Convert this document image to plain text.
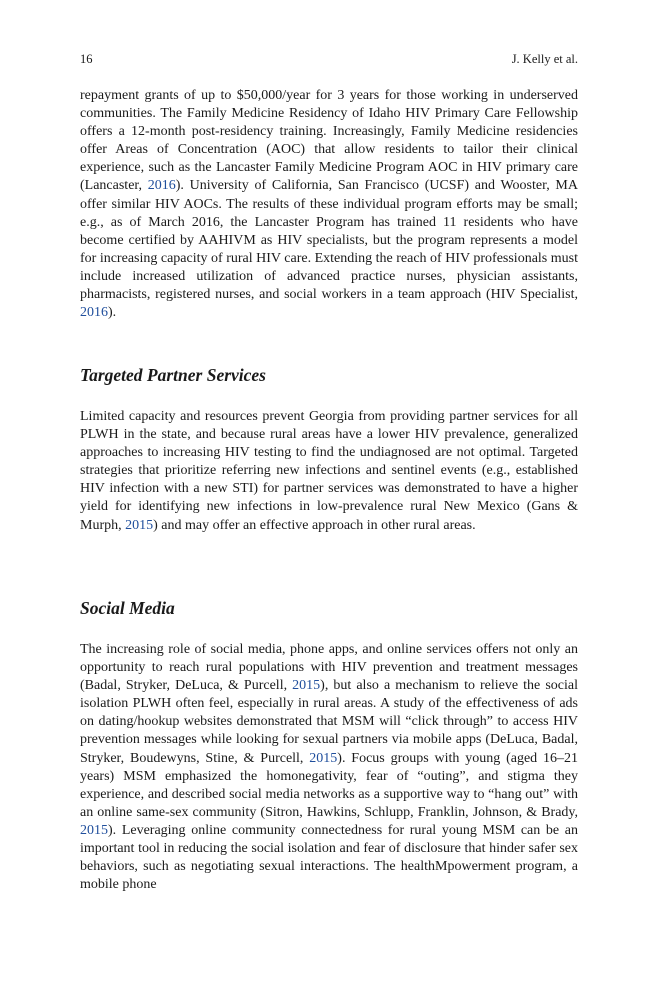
16	J. Kelly et al.

repayment grants of up to $50,000/year for 3 years for those working in underserved communities. The Family Medicine Residency of Idaho HIV Primary Care Fellowship offers a 12-month post-residency training. Increasingly, Family Medicine residencies offer Areas of Concentration (AOC) that allow residents to tailor their clinical experience, such as the Lancaster Family Medicine Program AOC in HIV primary care (Lancaster, 2016). University of California, San Francisco (UCSF) and Wooster, MA offer similar HIV AOCs. The results of these individual program efforts may be small; e.g., as of March 2016, the Lancaster Program has trained 11 residents who have become certified by AAHIVM as HIV specialists, but the program represents a model for increasing capacity of rural HIV care. Extending the reach of HIV professionals must include increased utilization of advanced practice nurses, physician assistants, pharmacists, registered nurses, and social workers in a team approach (HIV Specialist, 2016).

Targeted Partner Services

Limited capacity and resources prevent Georgia from providing partner services for all PLWH in the state, and because rural areas have a lower HIV prevalence, generalized approaches to increasing HIV testing to find the undiagnosed are not optimal. Targeted strategies that prioritize referring new infections and sentinel events (e.g., established HIV infection with a new STI) for partner services was demonstrated to have a higher yield for identifying new infections in low-prevalence rural New Mexico (Gans & Murph, 2015) and may offer an effective approach in other rural areas.

Social Media

The increasing role of social media, phone apps, and online services offers not only an opportunity to reach rural populations with HIV prevention and treatment messages (Badal, Stryker, DeLuca, & Purcell, 2015), but also a mechanism to relieve the social isolation PLWH often feel, especially in rural areas. A study of the effectiveness of ads on dating/hookup websites demonstrated that MSM will “click through” to access HIV prevention messages while looking for sexual partners via mobile apps (DeLuca, Badal, Stryker, Boudewyns, Stine, & Purcell, 2015). Focus groups with young (aged 16–21 years) MSM emphasized the homonegativity, fear of “outing”, and stigma they experience, and described social media networks as a supportive way to “hang out” with an online same-sex community (Sitron, Hawkins, Schlupp, Franklin, Johnson, & Brady, 2015). Leveraging online community connectedness for rural young MSM can be an important tool in reducing the social isolation and fear of disclosure that hinder safer sex behaviors, such as negotiating sexual interactions. The healthMpowerment program, a mobile phone
